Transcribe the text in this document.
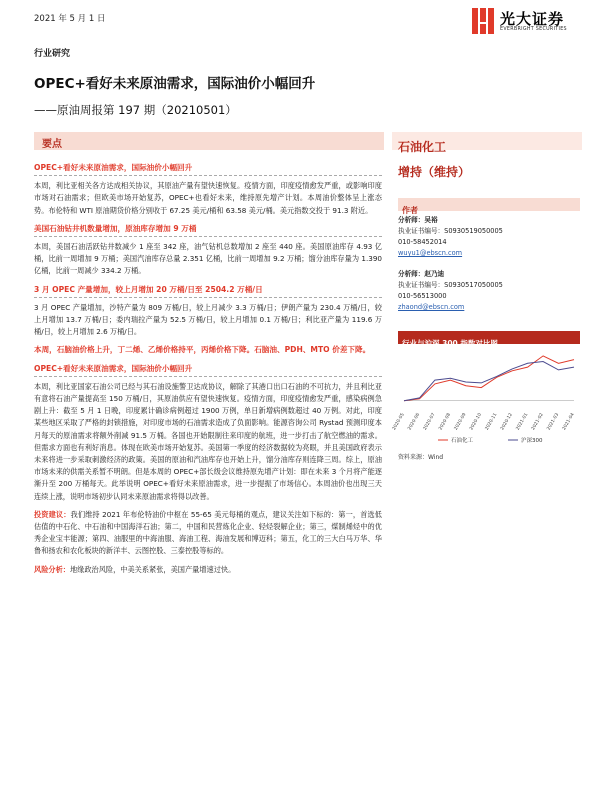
2021 年 5 月 1 日	光大证券
EVERBRIGHT SECURITIES
行业研究
OPEC+看好未来原油需求，国际油价小幅回升
——原油周报第 197 期（20210501）
要点
OPEC+看好未来原油需求，国际油价小幅回升
本周，利比亚相关各方达成相关协议，其原油产量有望快速恢复。疫情方面，印度疫情愈发严重，或影响印度市场对石油需求；但欧美市场开始复苏，OPEC+也看好未来，维持原先增产计划。本周油价整体呈上涨态势。布伦特和 WTI 原油期货价格分别收于 67.25 美元/桶和 63.58 美元/桶。美元指数交投于 91.3 附近。
美国石油钻井机数量增加，原油库存增加 9 万桶
本周，美国石油活跃钻井数减少 1 座至 342 座，油气钻机总数增加 2 座至 440 座。美国原油库存 4.93 亿桶，比前一周增加 9 万桶；美国汽油库存总量 2.351 亿桶，比前一周增加 9.2 万桶；馏分油库存量为 1.390 亿桶，比前一周减少 334.2 万桶。
3 月 OPEC 产量增加，较上月增加 20 万桶/日至 2504.2 万桶/日
3 月 OPEC 产量增加，沙特产量为 809 万桶/日，较上月减少 3.3 万桶/日；伊朗产量为 230.4 万桶/日，较上月增加 13.7 万桶/日；委内瑞拉产量为 52.5 万桶/日，较上月增加 0.1 万桶/日；利比亚产量为 119.6 万桶/日，较上月增加 2.6 万桶/日。
本周，石脑油价格上升，丁二烯、乙烯价格持平，丙烯价格下降。石脑油、PDH、MTO 价差下降。
OPEC+看好未来原油需求，国际油价小幅回升
本周，利比亚国家石油公司已经与其石油设施警卫达成协议，解除了其港口出口石油的不可抗力，并且利比亚有意将石油产量提高至 150 万桶/日，其原油供应有望快速恢复。疫情方面，印度疫情愈发严重，感染病例急剧上升：截至 5 月 1 日晚，印度累计确诊病例超过 1900 万例，单日新增病例数超过 40 万例。对此，印度某些地区采取了严格的封锁措施，对印度市场的石油需求造成了负面影响。能源咨询公司 Rystad 预测印度本月每天的原油需求将额外削减 91.5 万桶。各国也开始限制往来印度的航班，进一步打击了航空燃油的需求。但需求方面也有利好消息。体现在欧美市场开始复苏。美国第一季度的经济数据较为亮眼，并且美国政府表示未来将进一步采取刺激经济的政策。美国的原油和汽油库存也开始上升，馏分油库存则连降三周。综上，原油市场未来的供需关系暂不明朗。但是本周的 OPEC+部长级会议维持原先增产计划：即在未来 3 个月将产能逐渐升至 200 万桶每天。此举说明 OPEC+看好未来原油需求，进一步提振了市场信心。本周油价也出现三天连续上涨，说明市场初步认同未来原油需求将得以改善。
投资建议：我们维持 2021 年布伦特油价中枢在 55-65 美元每桶的观点，建议关注如下标的：第一，首选低估值的中石化、中石油和中国海洋石油；第二，中国和民营炼化企业、轻烃裂解企业；第三，煤制烯烃中的优秀企业宝丰能源；第四、油服里的中海油服、海油工程、海油发展和博迈科；第五，化工的三大白马万华、华鲁和扬农和农化板块的新洋丰、云图控股、三泰控股等标的。
风险分析：地缘政治风险，中美关系紧张，美国产量增速过快。
石油化工
增持（维持）
作者
分析师：吴裕
执业证书编号：S0930519050005
010-58452014
wuyu1@ebscn.com
分析师：赵乃迪
执业证书编号：S0930517050005
010-56513000
zhaond@ebscn.com
行业与沪深 300 指数对比图
2020-05 2020-06 2020-07 2020-08 2020-09 2020-10 2020-11 2020-12 2021-01 2021-02 2021-03 2021-04
石油化工	沪深300
资料来源：Wind
